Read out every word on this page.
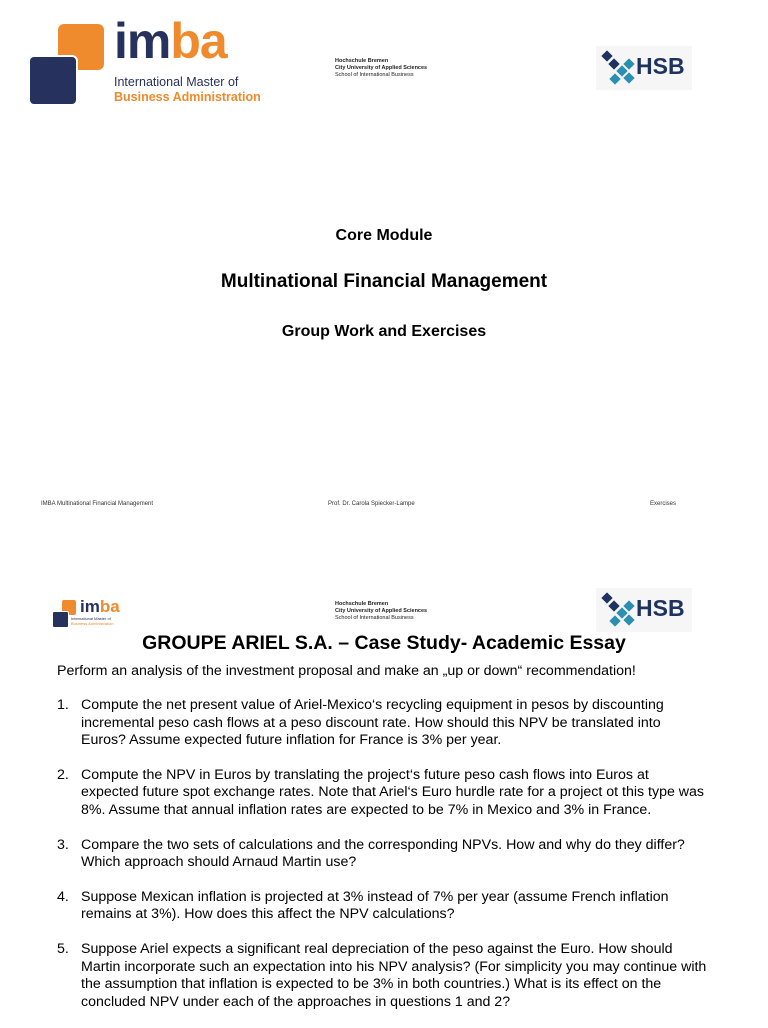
imba
International Master of
Business Administration
Hochschule Bremen
City University of Applied Sciences
School of International Business	HSB
Core Module
Multinational Financial Management
Group Work and Exercises
IMBA Multinational Financial Management	Prof. Dr. Carola Spiecker-Lampe	Exercises
imba
International Master of
Business Administration
Hochschule Bremen
City University of Applied Sciences
School of International Business	HSB
GROUPE ARIEL S.A. – Case Study- Academic Essay
Perform an analysis of the investment proposal and make an „up or down“ recommendation!
1. Compute the net present value of Ariel-Mexico‘s recycling equipment in pesos by discounting incremental peso cash flows at a peso discount rate. How should this NPV be translated into Euros? Assume expected future inflation for France is 3% per year.
2. Compute the NPV in Euros by translating the project‘s future peso cash flows into Euros at expected future spot exchange rates. Note that Ariel‘s Euro hurdle rate for a project ot this type was 8%. Assume that annual inflation rates are expected to be 7% in Mexico and 3% in France.
3. Compare the two sets of calculations and the corresponding NPVs. How and why do they differ? Which approach should Arnaud Martin use?
4. Suppose Mexican inflation is projected at 3% instead of 7% per year (assume French inflation remains at 3%). How does this affect the NPV calculations?
5. Suppose Ariel expects a significant real depreciation of the peso against the Euro. How should Martin incorporate such an expectation into his NPV analysis? (For simplicity you may continue with the assumption that inflation is expected to be 3% in both countries.) What is its effect on the concluded NPV under each of the approaches in questions 1 and 2?
